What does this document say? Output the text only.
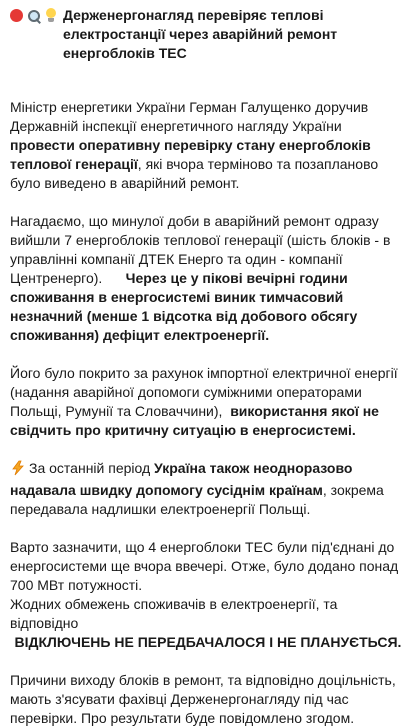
Держенергонагляд перевіряє теплові електростанції через аварійний ремонт енергоблоків ТЕС

Міністр енергетики України Герман Галущенко доручив Державній інспекції енергетичного нагляду України провести оперативну перевірку стану енергоблоків теплової генерації, які вчора терміново та позапланово було виведено в аварійний ремонт.

Нагадаємо, що минулої доби в аварійний ремонт одразу вийшли 7 енергоблоків теплової генерації (шість блоків - в управлінні компанії ДТЕК Енерго та один - компанії Центренерго). Через це у пікові вечірні години споживання в енергосистемі виник тимчасовий незначний (менше 1 відсотка від добового обсягу споживання) дефіцит електроенергії.

Його було покрито за рахунок імпортної електричної енергії (надання аварійної допомоги суміжними операторами Польщі, Румунії та Словаччини), використання якої не свідчить про критичну ситуацію в енергосистемі.

За останній період Україна також неодноразово надавала швидку допомогу сусіднім країнам, зокрема передавала надлишки електроенергії Польщі.

Варто зазначити, що 4 енергоблоки ТЕС були під'єднані до енергосистеми ще вчора ввечері. Отже, було додано понад 700 МВт потужності.

Жодних обмежень споживачів в електроенергії, та відповідно

ВІДКЛЮЧЕНЬ НЕ ПЕРЕДБАЧАЛОСЯ І НЕ ПЛАНУЄТЬСЯ.

Причини виходу блоків в ремонт, та відповідно доцільність, мають з'ясувати фахівці Держенергонагляду під час перевірки. Про результати буде повідомлено згодом.
